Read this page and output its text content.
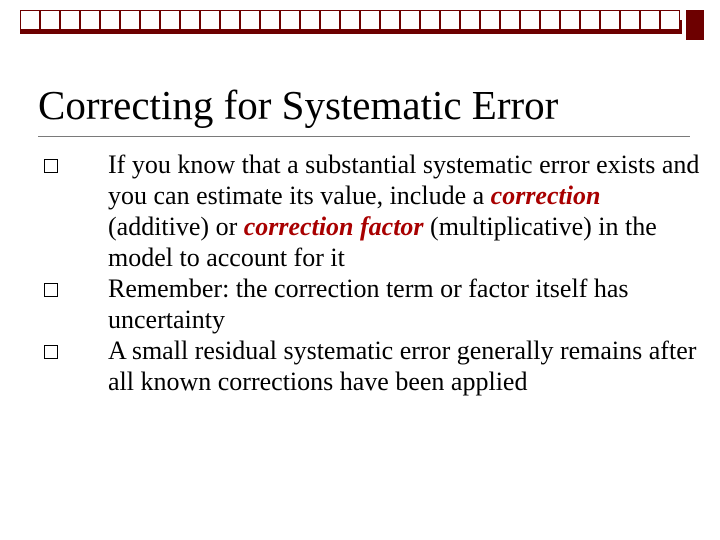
Correcting for Systematic Error
If you know that a substantial systematic error exists and you can estimate its value, include a correction (additive) or correction factor (multiplicative) in the model to account for it
Remember: the correction term or factor itself has uncertainty
A small residual systematic error generally remains after all known corrections have been applied
